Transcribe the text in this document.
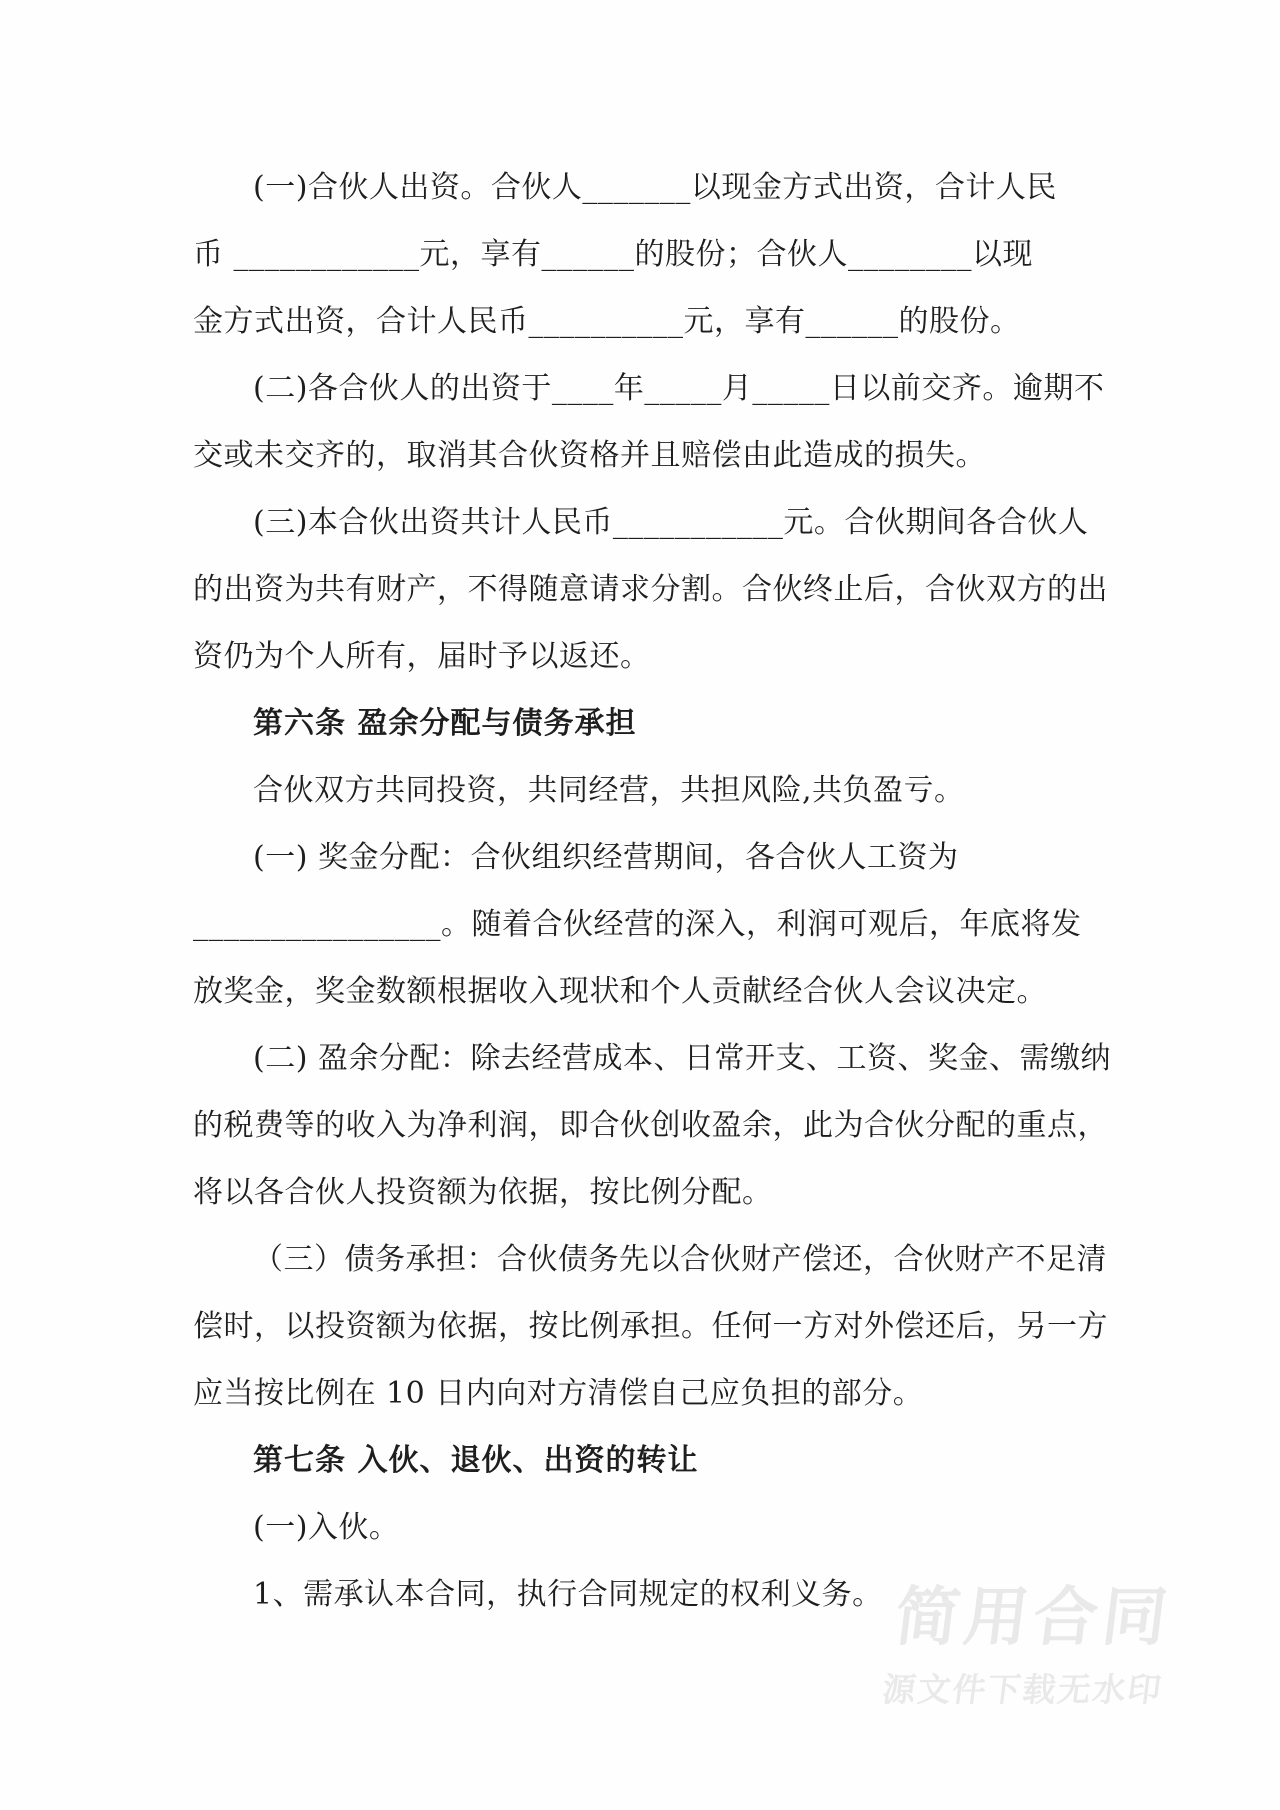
(一)合伙人出资。合伙人_______以现金方式出资，合计人民
币 ____________元，享有______的股份；合伙人________以现
金方式出资，合计人民币__________元，享有______的股份。
(二)各合伙人的出资于____年_____月_____日以前交齐。逾期不
交或未交齐的，取消其合伙资格并且赔偿由此造成的损失。
(三)本合伙出资共计人民币___________元。合伙期间各合伙人
的出资为共有财产，不得随意请求分割。合伙终止后，合伙双方的出
资仍为个人所有，届时予以返还。
第六条 盈余分配与债务承担
合伙双方共同投资，共同经营，共担风险,共负盈亏。
(一) 奖金分配：合伙组织经营期间，各合伙人工资为
________________。随着合伙经营的深入，利润可观后，年底将发
放奖金，奖金数额根据收入现状和个人贡献经合伙人会议决定。
(二) 盈余分配：除去经营成本、日常开支、工资、奖金、需缴纳
的税费等的收入为净利润，即合伙创收盈余，此为合伙分配的重点，
将以各合伙人投资额为依据，按比例分配。
（三）债务承担：合伙债务先以合伙财产偿还，合伙财产不足清
偿时，以投资额为依据，按比例承担。任何一方对外偿还后，另一方
应当按比例在 10 日内向对方清偿自己应负担的部分。
第七条 入伙、退伙、出资的转让
(一)入伙。
1、需承认本合同，执行合同规定的权利义务。 简用合同
源文件下载无水印
